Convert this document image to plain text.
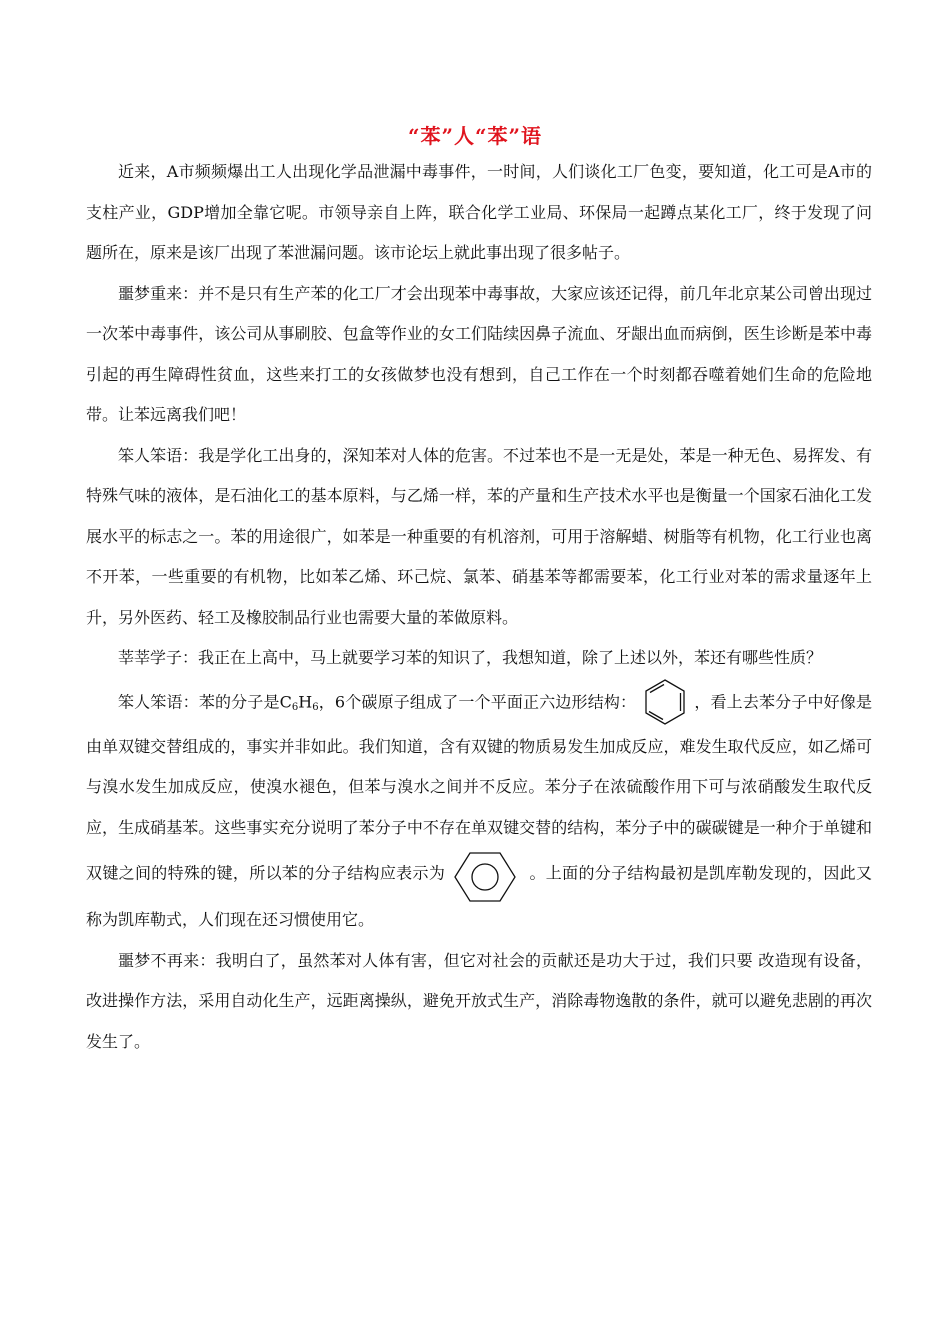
“苯”人“苯”语

近来，A市频频爆出工人出现化学品泄漏中毒事件，一时间，人们谈化工厂色变，要知道，化工可是A市的支柱产业，GDP增加全靠它呢。市领导亲自上阵，联合化学工业局、环保局一起蹲点某化工厂，终于发现了问题所在，原来是该厂出现了苯泄漏问题。该市论坛上就此事出现了很多帖子。

噩梦重来：并不是只有生产苯的化工厂才会出现苯中毒事故，大家应该还记得，前几年北京某公司曾出现过一次苯中毒事件，该公司从事刷胶、包盒等作业的女工们陆续因鼻子流血、牙龈出血而病倒，医生诊断是苯中毒引起的再生障碍性贫血，这些来打工的女孩做梦也没有想到，自己工作在一个时刻都吞噬着她们生命的危险地带。让苯远离我们吧！

笨人笨语：我是学化工出身的，深知苯对人体的危害。不过苯也不是一无是处，苯是一种无色、易挥发、有特殊气味的液体，是石油化工的基本原料，与乙烯一样，苯的产量和生产技术水平也是衡量一个国家石油化工发展水平的标志之一。苯的用途很广，如苯是一种重要的有机溶剂，可用于溶解蜡、树脂等有机物，化工行业也离不开苯，一些重要的有机物，比如苯乙烯、环己烷、氯苯、硝基苯等都需要苯，化工行业对苯的需求量逐年上升，另外医药、轻工及橡胶制品行业也需要大量的苯做原料。

莘莘学子：我正在上高中，马上就要学习苯的知识了，我想知道，除了上述以外，苯还有哪些性质？

笨人笨语：苯的分子是$C_6H_6$，6个碳原子组成了一个平面正六边形结构：	，看上去苯分子中好像是由单双键交替组成的，事实并非如此。我们知道，含有双键的物质易发生加成反应，难发生取代反应，如乙烯可与溴水发生加成反应，使溴水褪色，但苯与溴水之间并不反应。苯分子在浓硫酸作用下可与浓硝酸发生取代反应，生成硝基苯。这些事实充分说明了苯分子中不存在单双键交替的结构，苯分子中的碳碳键是一种介于单键和双键之间的特殊的键，所以苯的分子结构应表示为	。上面的分子结构最初是凯库勒发现的，因此又称为凯库勒式，人们现在还习惯使用它。

噩梦不再来：我明白了，虽然苯对人体有害，但它对社会的贡献还是功大于过，我们只要 改造现有设备，改进操作方法，采用自动化生产，远距离操纵，避免开放式生产，消除毒物逸散的条件，就可以避免悲剧的再次发生了。
